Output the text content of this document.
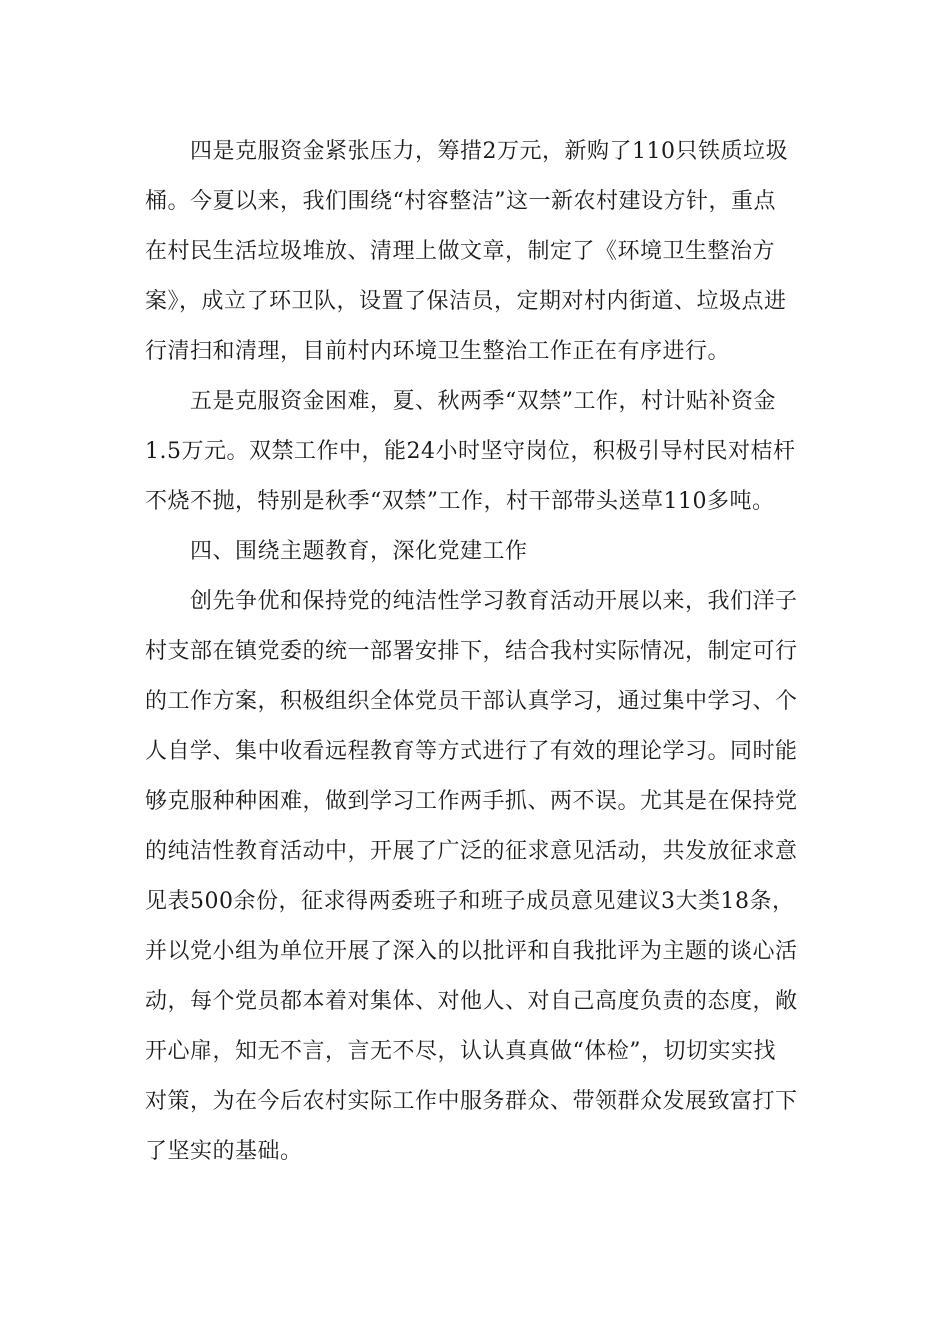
四是克服资金紧张压力，筹措2万元，新购了110只铁质垃圾
桶。今夏以来，我们围绕“村容整洁”这一新农村建设方针，重点
在村民生活垃圾堆放、清理上做文章，制定了《环境卫生整治方
案》，成立了环卫队，设置了保洁员，定期对村内街道、垃圾点进
行清扫和清理，目前村内环境卫生整治工作正在有序进行。
五是克服资金困难，夏、秋两季“双禁”工作，村计贴补资金
1.5万元。双禁工作中，能24小时坚守岗位，积极引导村民对桔杆
不烧不抛，特别是秋季“双禁”工作，村干部带头送草110多吨。
四、围绕主题教育，深化党建工作
创先争优和保持党的纯洁性学习教育活动开展以来，我们洋子
村支部在镇党委的统一部署安排下，结合我村实际情况，制定可行
的工作方案，积极组织全体党员干部认真学习，通过集中学习、个
人自学、集中收看远程教育等方式进行了有效的理论学习。同时能
够克服种种困难，做到学习工作两手抓、两不误。尤其是在保持党
的纯洁性教育活动中，开展了广泛的征求意见活动，共发放征求意
见表500余份，征求得两委班子和班子成员意见建议3大类18条，
并以党小组为单位开展了深入的以批评和自我批评为主题的谈心活
动，每个党员都本着对集体、对他人、对自己高度负责的态度，敞
开心扉，知无不言，言无不尽，认认真真做“体检”，切切实实找
对策，为在今后农村实际工作中服务群众、带领群众发展致富打下
了坚实的基础。
